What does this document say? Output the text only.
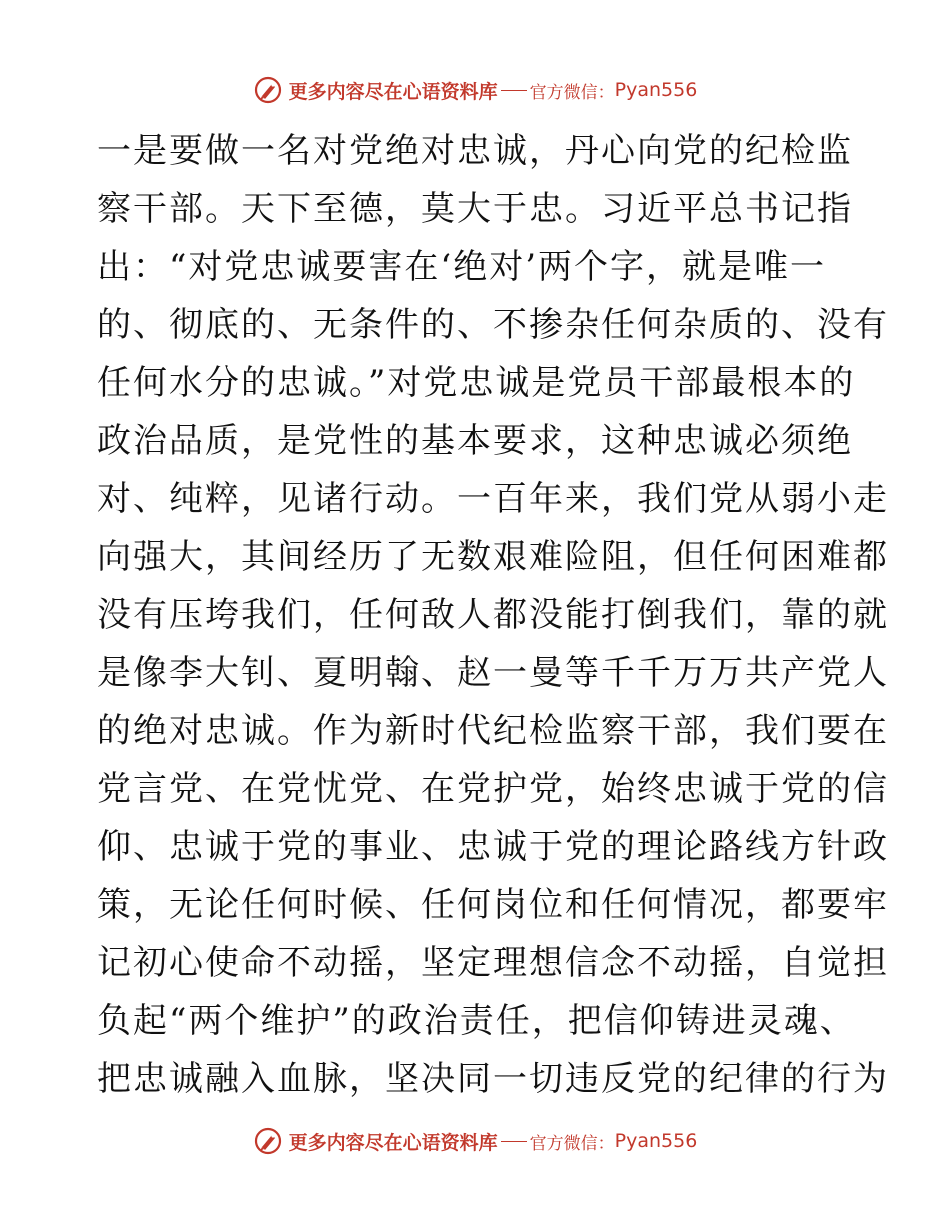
更多内容尽在心语资料库 官方微信： Pyan556
一是要做一名对党绝对忠诚，丹心向党的纪检监
察干部。天下至德，莫大于忠。习近平总书记指
出：“对党忠诚要害在‘绝对’两个字，就是唯一
的、彻底的、无条件的、不掺杂任何杂质的、没有
任何水分的忠诚。”对党忠诚是党员干部最根本的
政治品质，是党性的基本要求，这种忠诚必须绝
对、纯粹，见诸行动。一百年来，我们党从弱小走
向强大，其间经历了无数艰难险阻，但任何困难都
没有压垮我们，任何敌人都没能打倒我们，靠的就
是像李大钊、夏明翰、赵一曼等千千万万共产党人
的绝对忠诚。作为新时代纪检监察干部，我们要在
党言党、在党忧党、在党护党，始终忠诚于党的信
仰、忠诚于党的事业、忠诚于党的理论路线方针政
策，无论任何时候、任何岗位和任何情况，都要牢
记初心使命不动摇，坚定理想信念不动摇，自觉担
负起“两个维护”的政治责任，把信仰铸进灵魂、
把忠诚融入血脉，坚决同一切违反党的纪律的行为
更多内容尽在心语资料库 官方微信： Pyan556
